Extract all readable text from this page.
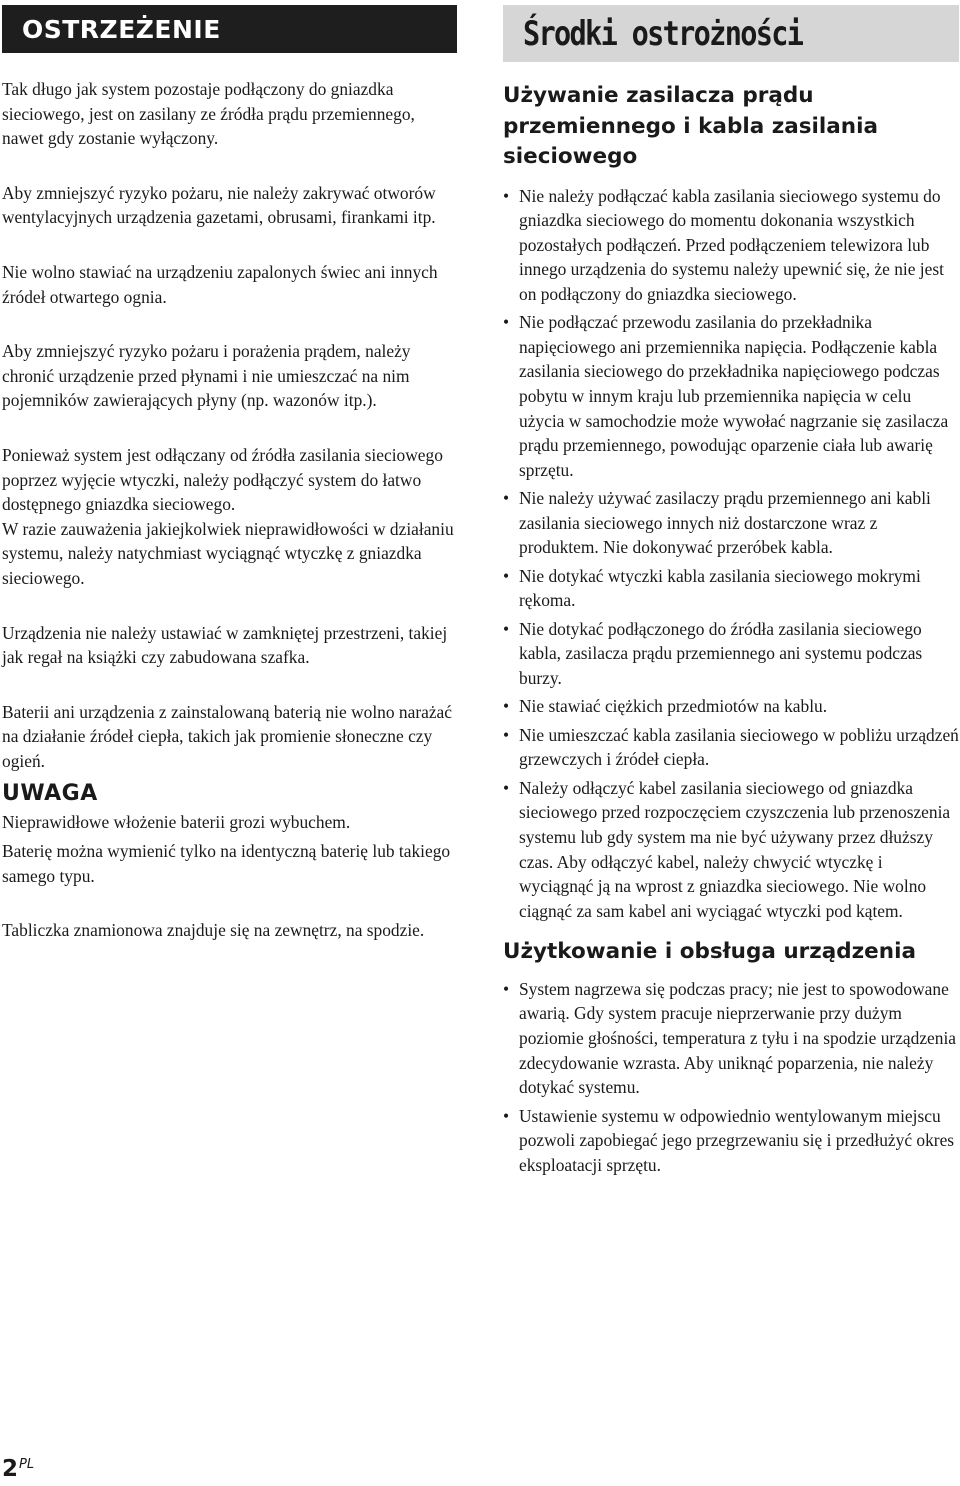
OSTRZEŻENIE

Tak długo jak system pozostaje podłączony do gniazdka sieciowego, jest on zasilany ze źródła prądu przemiennego, nawet gdy zostanie wyłączony.

Aby zmniejszyć ryzyko pożaru, nie należy zakrywać otworów wentylacyjnych urządzenia gazetami, obrusami, firankami itp.

Nie wolno stawiać na urządzeniu zapalonych świec ani innych źródeł otwartego ognia.

Aby zmniejszyć ryzyko pożaru i porażenia prądem, należy chronić urządzenie przed płynami i nie umieszczać na nim pojemników zawierających płyny (np. wazonów itp.).

Ponieważ system jest odłączany od źródła zasilania sieciowego poprzez wyjęcie wtyczki, należy podłączyć system do łatwo dostępnego gniazdka sieciowego.

W razie zauważenia jakiejkolwiek nieprawidłowości w działaniu systemu, należy natychmiast wyciągnąć wtyczkę z gniazdka sieciowego.

Urządzenia nie należy ustawiać w zamkniętej przestrzeni, takiej jak regał na książki czy zabudowana szafka.

Baterii ani urządzenia z zainstalowaną baterią nie wolno narażać na działanie źródeł ciepła, takich jak promienie słoneczne czy ogień.

UWAGA

Nieprawidłowe włożenie baterii grozi wybuchem.

Baterię można wymienić tylko na identyczną baterię lub takiego samego typu.

Tabliczka znamionowa znajduje się na zewnętrz, na spodzie.

Środki ostrożności
Używanie zasilacza prądu przemiennego i kabla zasilania sieciowego
• Nie należy podłączać kabla zasilania sieciowego systemu do gniazdka sieciowego do momentu dokonania wszystkich pozostałych podłączeń. Przed podłączeniem telewizora lub innego urządzenia do systemu należy upewnić się, że nie jest on podłączony do gniazdka sieciowego.
• Nie podłączać przewodu zasilania do przekładnika napięciowego ani przemiennika napięcia. Podłączenie kabla zasilania sieciowego do przekładnika napięciowego podczas pobytu w innym kraju lub przemiennika napięcia w celu użycia w samochodzie może wywołać nagrzanie się zasilacza prądu przemiennego, powodując oparzenie ciała lub awarię sprzętu.
• Nie należy używać zasilaczy prądu przemiennego ani kabli zasilania sieciowego innych niż dostarczone wraz z produktem. Nie dokonywać przeróbek kabla.
• Nie dotykać wtyczki kabla zasilania sieciowego mokrymi rękoma.
• Nie dotykać podłączonego do źródła zasilania sieciowego kabla, zasilacza prądu przemiennego ani systemu podczas burzy.
• Nie stawiać ciężkich przedmiotów na kablu.
• Nie umieszczać kabla zasilania sieciowego w pobliżu urządzeń grzewczych i źródeł ciepła.
• Należy odłączyć kabel zasilania sieciowego od gniazdka sieciowego przed rozpoczęciem czyszczenia lub przenoszenia systemu lub gdy system ma nie być używany przez dłuższy czas. Aby odłączyć kabel, należy chwycić wtyczkę i wyciągnąć ją na wprost z gniazdka sieciowego. Nie wolno ciągnąć za sam kabel ani wyciągać wtyczki pod kątem.
Użytkowanie i obsługa urządzenia
• System nagrzewa się podczas pracy; nie jest to spowodowane awarią. Gdy system pracuje nieprzerwanie przy dużym poziomie głośności, temperatura z tyłu i na spodzie urządzenia zdecydowanie wzrasta. Aby uniknąć poparzenia, nie należy dotykać systemu.
• Ustawienie systemu w odpowiednio wentylowanym miejscu pozwoli zapobiegać jego przegrzewaniu się i przedłużyć okres eksploatacji sprzętu.
$2^{PL}$
